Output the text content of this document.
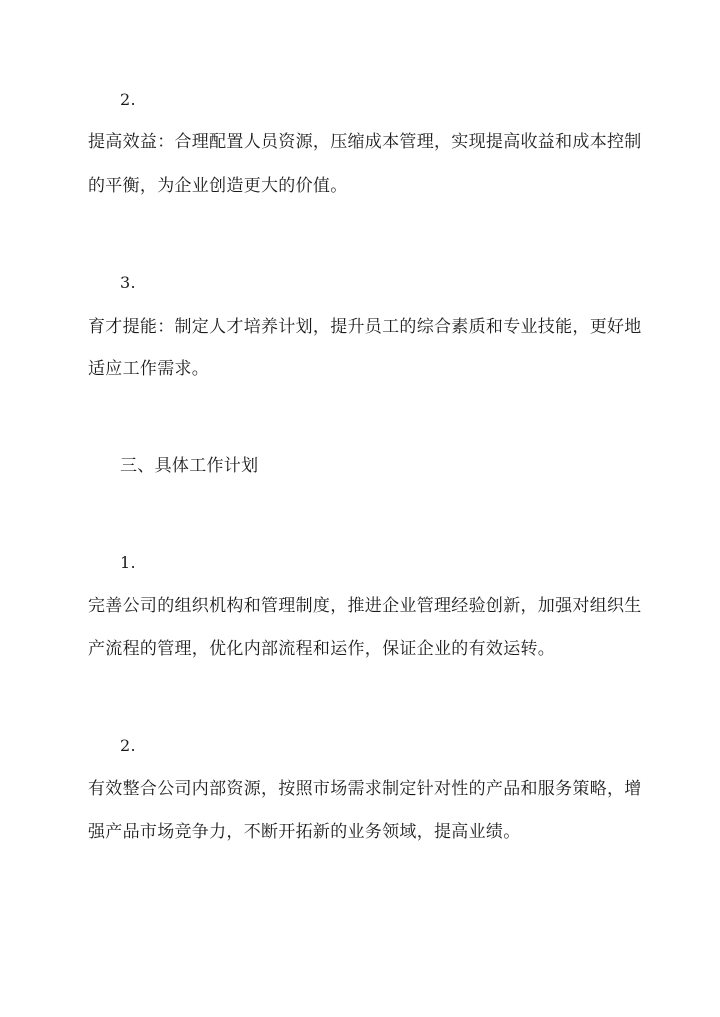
2.
提高效益：合理配置人员资源，压缩成本管理，实现提高收益和成本控制
的平衡，为企业创造更大的价值。
3.
育才提能：制定人才培养计划，提升员工的综合素质和专业技能，更好地
适应工作需求。
三、具体工作计划
1.
完善公司的组织机构和管理制度，推进企业管理经验创新，加强对组织生
产流程的管理，优化内部流程和运作，保证企业的有效运转。
2.
有效整合公司内部资源，按照市场需求制定针对性的产品和服务策略，增
强产品市场竞争力，不断开拓新的业务领域，提高业绩。
